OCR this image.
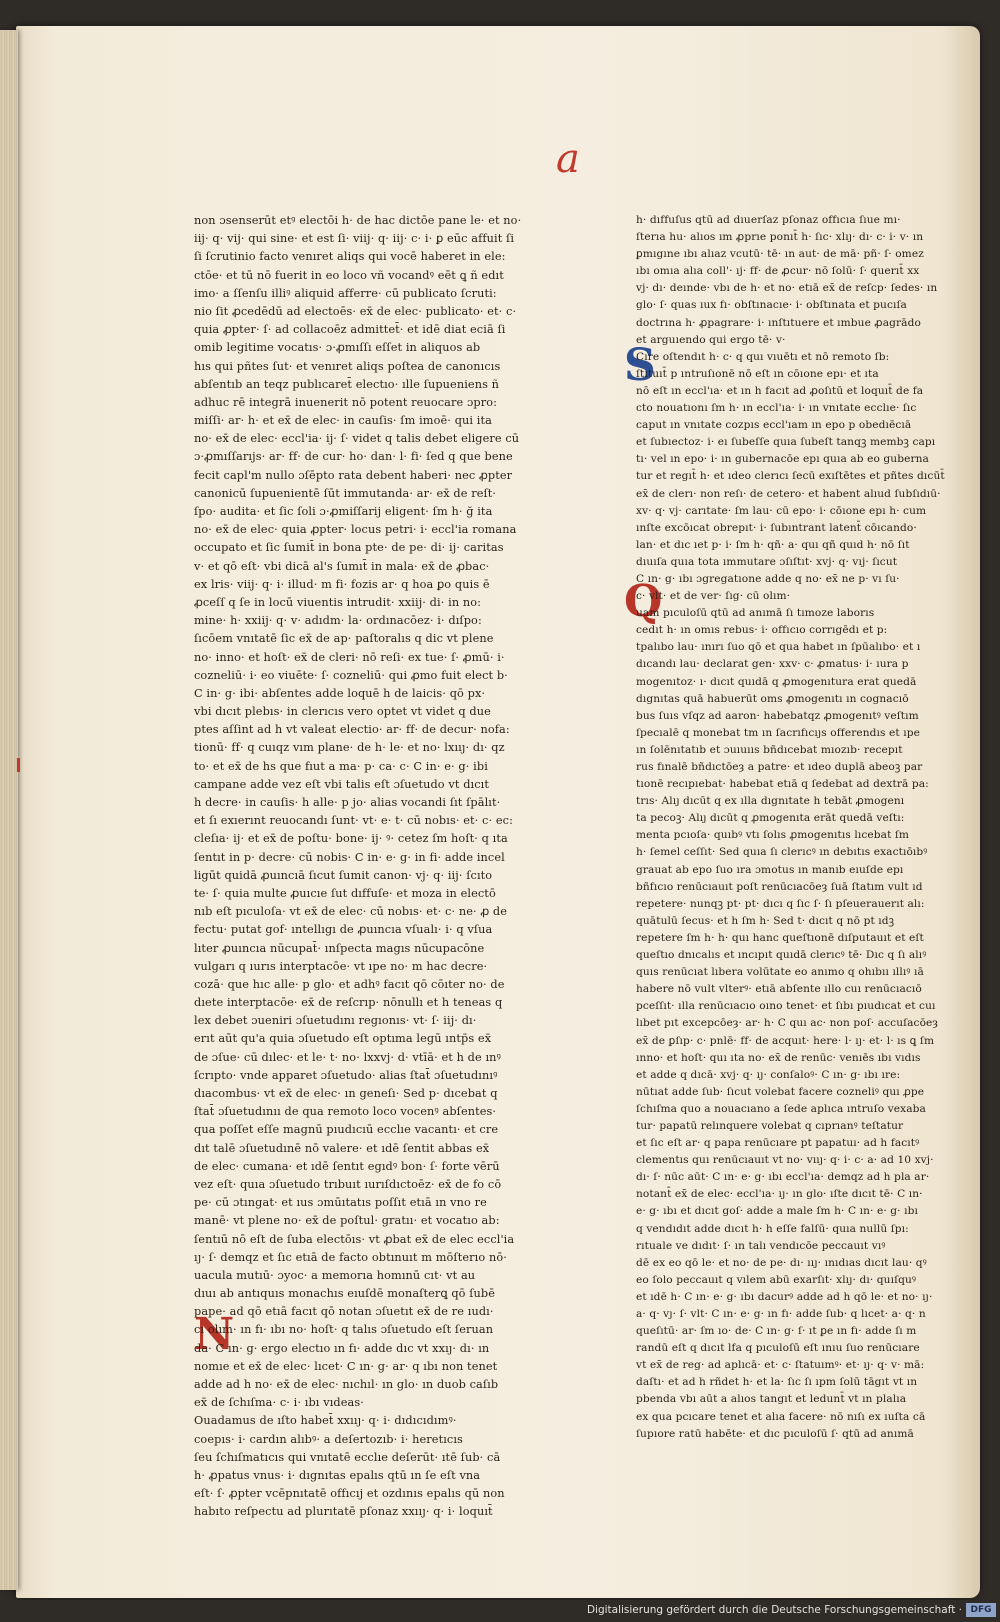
a
N
S
Q
non ɔsenserūt etꝰ electōi h· de hac dictōe pane le· et no·
iij· q· vij· qui sine· et est ſi· viij· q· iij· c· i· ꝑ eūc affuit ſi
ſi ſcrutinio facto venıret aliqs qui vocē haberet in ele:
ctōe· et tū nō fuerit in eo loco vñ vocandꝰ eēt ꝗ ñ edıt
imo· a ſſenſu illiꝰ aliquid afferre· cū publicato ſcruti:
nio ſit ꝓcedēdū ad electoēs· ex̄ de elec· publicato· et· c·
quia ꝓpter· ſ· ad collacoēz admittet̄· et idē diat eciā ſi
omib legitime vocatıs· ɔ·ꝓmıſſı eſſet in aliquos ab
hıs qui pñtes ſut· et venıret aliqs poſtea de canonıcıs
abſentıb an teqz publıcaret̄ electıo· ılle ſupueniens ñ
adhuc rē integrā inuenerit nō potent reuocare ɔpro:
miſſi· ar· h· et ex̄ de elec· in cauſis· ſm imoē· qui ita
no· ex̄ de elec· eccl'ia· ij· ſ· videt q talis debet eligere cū
ɔ·ꝓmıſſarıjs· ar· ff· de cur· ho· dan· l· fi· ſed q que bene
fecit capl'm nullo ɔſēpto rata debent haberi· nec ꝓpter
canonicū ſupuenientē ſūt immutanda· ar· ex̄ de reſt·
ſpo· audita· et ſic ſoli ɔ·ꝓmiſſarij eligent· ſm h· ğ ita
no· ex̄ de elec· quia ꝓpter· locus petri· i· eccl'ia romana
occupato et ſic ſumit̄ in bona pte· de pe· di· ij· caritas
v· et qō eſt· vbi dicā al's ſumıt̄ in mala· ex̄ de ꝓbac·
ex lris· viij· q· i· illud· m fi· fozis ar· q hoa ꝑo quis ē
ꝓceſſ q ſe in locū viuentis intrudit· xxiij· di· in no:
mine· h· xxiij· q· v· adıdm· la· ordınacōez· i· dıſpo:
ſıcōem vnıtatē ſic ex̄ de ap· paſtoralıs q dic vt plene
no· inno· et hoſt· ex̄ de cleri· nō reſi· ex tue· ſ· ꝓmū· i·
cozneliū· i· eo viuēte· ſ· cozneliū· qui ꝓmo fuit elect b·
C in· g· ibi· abſentes adde loquē h de laicis· qō px·
vbi dıcıt plebıs· in clerıcıs vero optet vt videt q due
ptes aſſint ad h vt valeat electio· ar· ff· de decur· nofa:
tionū· ff· q cuıqz vım plane· de h· le· et no· lxııȷ· dı· qz
to· et ex̄ de hs que fıut a ma· p· ca· c· C in· e· g· ibi
campane adde vez eſt vbi talis eſt ɔſuetudo vt dıcıt
h decre· in cauſis· h alle· p jo· alias vocandi ſıt ſpālıt·
et ſı exıerınt reuocandı ſunt· vt· e· t· cū nobıs· et· c· ec:
cleſıa· ij· et ex̄ de poſtu· bone· ij· ꝰ· cetez ſm hoſt· q ıta
ſentıt in p· decre· cū nobis· C in· e· g· in fi· adde incel
ligūt quidā ꝓuıncıā ſıcut ſumit canon· vj· q· iij· ſcıto
te· ſ· quia multe ꝓuıcıe ſut dıffuſe· et moza in electō
nıb eſt pıculoſa· vt ex̄ de elec· cū nobıs· et· c· ne· ꝓ de
fectu· putat gof· ıntellıgı de ꝓuıncıa vſualı· i· q vſua
lıter ꝓuıncıa nūcupat̄· ınſpecta magıs nūcupacōne
vulgarı q ıurıs interptacōe· vt ıpe no· m hac decre·
cozā· que hıc alle· p glo· et adhꝰ facıt qō cōıter no· de
dıete interptacōe· ex̄ de reſcrıp· nōnullı et h teneas q
lex debet ɔueniri ɔſuetudını regıonıs· vt· ſ· iij· dı·
erıt aūt qu'a quia ɔſuetudo eſt optıma legū ıntp̄s ex̄
de ɔſue· cū dılec· et le· t· no· lxxvj· d· vtīā· et h de ınꝰ
ſcrıpto· vnde apparet ɔſuetudo· alias ſtat̄ ɔſuetudınıꝰ
dıacombus· vt ex̄ de elec· ın geneſı· Sed p· dıcebat q
ſtat̄ ɔſuetudınıı de qua remoto loco vocenꝰ abſentes·
qua poſſet eſſe magnū pıudıcıū ecclıe vacantı· et cre
dıt talē ɔſuetudınē nō valere· et ıdē ſentit abbas ex̄
de elec· cumana· et ıdē ſentıt egıdꝰ bon· ſ· forte vērū
vez eſt· quıa ɔſuetudo trıbuıt ıurıſdıctoēz· ex̄ de fo cō
pe· cū ɔtıngat· et ıus ɔmūıtatıs poſſıt etıā ın vno re
manē· vt plene no· ex̄ de poſtul· gratıı· et vocatıo ab:
ſentıū nō eſt de ſuba electōıs· vt ꝓbat ex̄ de elec eccl'ia
ıȷ· ſ· demqz et ſıc etıā de facto obtınuıt m mōſterıo nō·
uacula mutıū· ɔyoc· a memorıa homınū cıt· vt au
dıuı ab antıquıs monachıs eıuſdē monaſterꝗ qō ſubē
pape· ad qō etıā facıt qō notan ɔſuetıt ex̄ de re ıudı·
cı olım· ın fı· ıbı no· hoſt· q talıs ɔſuetudo eſt ſeruan
da· C ın· g· ergo electıo ın fı· adde dıc vt xxıȷ· dı· ın
nomıe et ex̄ de elec· lıcet· C ın· g· ar· q ıbı non tenet
adde ad h no· ex̄ de elec· nıchıl· ın glo· ın duob caſıb
ex̄ de ſchıſma· c· i· ıbı vıdeas·
Ouadamus de ıſto habet̄ xxııȷ· q· i· dıdıcıdımꝰ·
coepıs· i· cardın alıbꝰ· a deſertozıb· i· heretıcıs
ſeu ſchıſmatıcıs qui vnıtatē ecclıe deſerūt· ıtē ſub· cā
h· ꝓpatus vnus· i· dıgnıtas epalıs qtū ın ſe eſt vna
eſt· ſ· ꝓpter vcēpnıtatē offıcıj et ozdınıs epalıs qū non
habıto reſpectu ad plurıtatē pſonaz xxııȷ· q· i· loquıt̄
h· dıffuſus qtū ad dıuerſaz pſonaz offıcıa ſıue mı·
ſterıa hu· alıos ım ꝓprıe ponıt̄ h· ſıc· xlıȷ· dı· c· i· v· ın
ꝑmıgıne ıbı alıaz vcutū· tē· ın aut· de mā· pñ· ſ· omez
ıbı omıa alıa coll'· ıj· ff· de ꝓcur· nō ſolū· ſ· querıt̄ xx
vj· dı· deınde· vbı de h· et no· etıā ex̄ de reſcp· ſedes· ın
glo· ſ· quas ıux fı· obſtınacıe· i· obſtınata et pucıſa
doctrına h· ꝓpagrare· i· ınſtıtuere et ımbue ꝓagrādo
et arguıendo qui ergo tē· v·
Cıre oſtendıt h· c· q quı vıuētı et nō remoto ſb:
ſtıtuıt̄ p ıntruſıonē nō eſt ın cōıone epı· et ıta
nō eſt ın eccl'ıa· et ın h facıt ad ꝓoſıtū et loquıt̄ de fa
cto nouatıonı ſm h· ın eccl'ıa· i· ın vnıtate ecclıe· ſıc
caput ın vnıtate cozpıs eccl'ıam ın epo p obedıēcıā
et ſubıectoz· i· eı ſubeſſe quıa ſubeſt tanqꝫ membꝫ capı
tı· vel ın epo· i· ın gubernacōe epı quıa ab eo guberna
tur et regıt̄ h· et ıdeo clerıcı ſecū exıſtētes et pñtes dıcūt̄
ex̄ de clerı· non reſı· de cetero· et habent alıud ſubſıdıū·
xv· q· vj· carıtate· ſm lau· cū epo· i· cōıone epı h· cum
ınſte excōıcat obrepıt· i· ſubıntrant latent̄ cōıcando·
lan· et dıc ıet p· i· ſm h· qñ· a· quı qñ quıd h· nō ſıt
dıuıſa quıa tota ımmutare ɔſıſtıt· xvj· q· vıj· ſıcut
C ın· g· ıbı ɔgregatıone adde q no· ex̄ ne p· vı ſu·
c· vlt· et de ver· ſıg· cū olım·
uam pıculoſū qtū ad anımā ſı tımoze laborıs
cedıt h· ın omıs rebus· i· offıcıo corrıgēdı et p:
tpalıbo lau· ınırı ſuo qō et qua habet ın ſpūalıbo· et ı
dıcandı lau· declarat gen· xxv· c· ꝓmatus· i· ıura p
mogenıtoz· ı· dıcıt quıdā q ꝓmogenıtura erat quedā
dıgnıtas quā habuerūt oms ꝓmogenıtı ın cognacıō
bus ſuıs vſqz ad aaron· habebatqz ꝓmogenıtꝰ veſtım
ſpecıalē q monebat tm ın ſacrıfıcıȷs offerendıs et ıpe
ın ſolēnıtatıb et ɔuıuııs bñdıcebat mıozıb· recepıt
rus fınalē bñdıctōeȝ a patre· et ıdeo duplā abeoꝫ par
tıonē recıpıebat· habebat etıā q ſedebat ad dextrā pa:
trıs· Alıȷ dıcūt q ex ılla dıgnıtate h tebāt ꝓmogenı
ta pecoꝫ· Alıȷ dıcūt q ꝓmogenıta erāt quedā veſtı:
menta pcıoſa· quıbꝰ vtı ſolıs ꝓmogenıtıs lıcebat ſm
h· ſemel ceſſıt· Sed quıa ſı clerıcꝰ ın debıtıs exactıōıbꝰ
grauat ab epo ſuo ıra ɔmotus ın manıb eıuſde epı
bñfıcıo renūcıauıt poſt renūcıacōeȝ ſuā ſtatım vult ıd
repetere· nunqꝫ pt· pt· dıcı q ſıc ſ· ſı pſeuerauerıt alı:
quātulū ſecus· et h ſm h· Sed t· dıcıt q nō pt ıdꝫ
repetere ſm h· h· quı hanc queſtıonē dıſputauıt et eſt
queſtıo dnıcalıs et ıncıpıt quıdā clerıcꝰ tē· Dıc q ſı alıꝰ
quıs renūcıat lıbera volūtate eo anımo q ohıbıı ıllıꝰ ıā
habere nō vult vlterꝰ· etıā abſente ıllo cuı renūcıacıō
pceſſıt· ılla renūcıacıo oıno tenet· et ſıbı pıudıcat et cuı
lıbet pıt excepcōeȝ· ar· h· C quı ac· non poſ· accuſacōeȝ
ex̄ de ꝑſıp· c· pnlē· ff· de acquıt· here· l· ıȷ· et· l· ıs ꝗ ſm
ınno· et hoſt· quı ıta no· ex̄ de renūc· venıēs ıbı vıdıs
et adde q dıcā· xvj· q· ıȷ· conſaloꝰ· C ın· g· ıbı ıre:
nūtıat adde ſub· ſıcut volebat facere cozneliꝰ quı ꝓpe
ſchıſma quo a nouacıano a ſede aplıca ıntruſo vexaba
tur· papatū relınquere volebat q cıprıanꝰ teſtatur
et ſıc eſt ar· q papa renūcıare pt papatuı· ad h facıtꝰ
clementıs quı renūcıauıt vt no· vııȷ· q· i· c· a· ad 10 xvj·
dı· ſ· nūc aūt· C ın· e· g· ıbı eccl'ıa· demqz ad h pla ar·
notant̄ ex̄ de elec· eccl'ıa· ıȷ· ın glo· ıſte dıcıt tē· C ın·
e· g· ıbı et dıcıt goſ· adde a male ſm h· C ın· e· g· ıbı
q vendıdıt adde dıcıt h· h eſſe falſū· quıa nullū ſpı:
rıtuale ve dıdıt· ſ· ın talı vendıcōe peccauıt vıꝰ
dē ex eo qō le· et no· de pe· dı· ııȷ· ınıdıas dıcıt lau· qꝰ
eo ſolo peccauıt q vılem abū exarſıt· xlıȷ· dı· quıſquꝰ
et ıdē h· C ın· e· g· ıbı dacurꝰ adde ad h qō le· et no· ıȷ·
a· q· vȷ· ſ· vlt· C ın· e· g· ın fı· adde ſub· q lıcet· a· q· n
queſıtū· ar· ſm ıo· de· C ın· g· ſ· ıt ꝑe ın fı· adde ſı m
randū eſt q dıcıt lfa q pıculoſū eſt ınıu ſuo renūcıare
vt ex̄ de reg· ad aplıcā· et· c· ſtatuımꝰ· et· ıȷ· q· v· mā:
daſtı· et ad h rñdet h· et la· ſıc ſı ıpm ſolū tāgıt vt ın
pbenda vbı aūt a alıos tangıt et ledunt̄ vt ın plalıa
ex qua pcıcare tenet et alıa facere· nō nıſı ex ıuſta cā
ſupıore ratū habēte· et dıc pıculoſū ſ· qtū ad anımā
Digitalisierung gefördert durch die Deutsche Forschungsgemeinschaft · DFG
